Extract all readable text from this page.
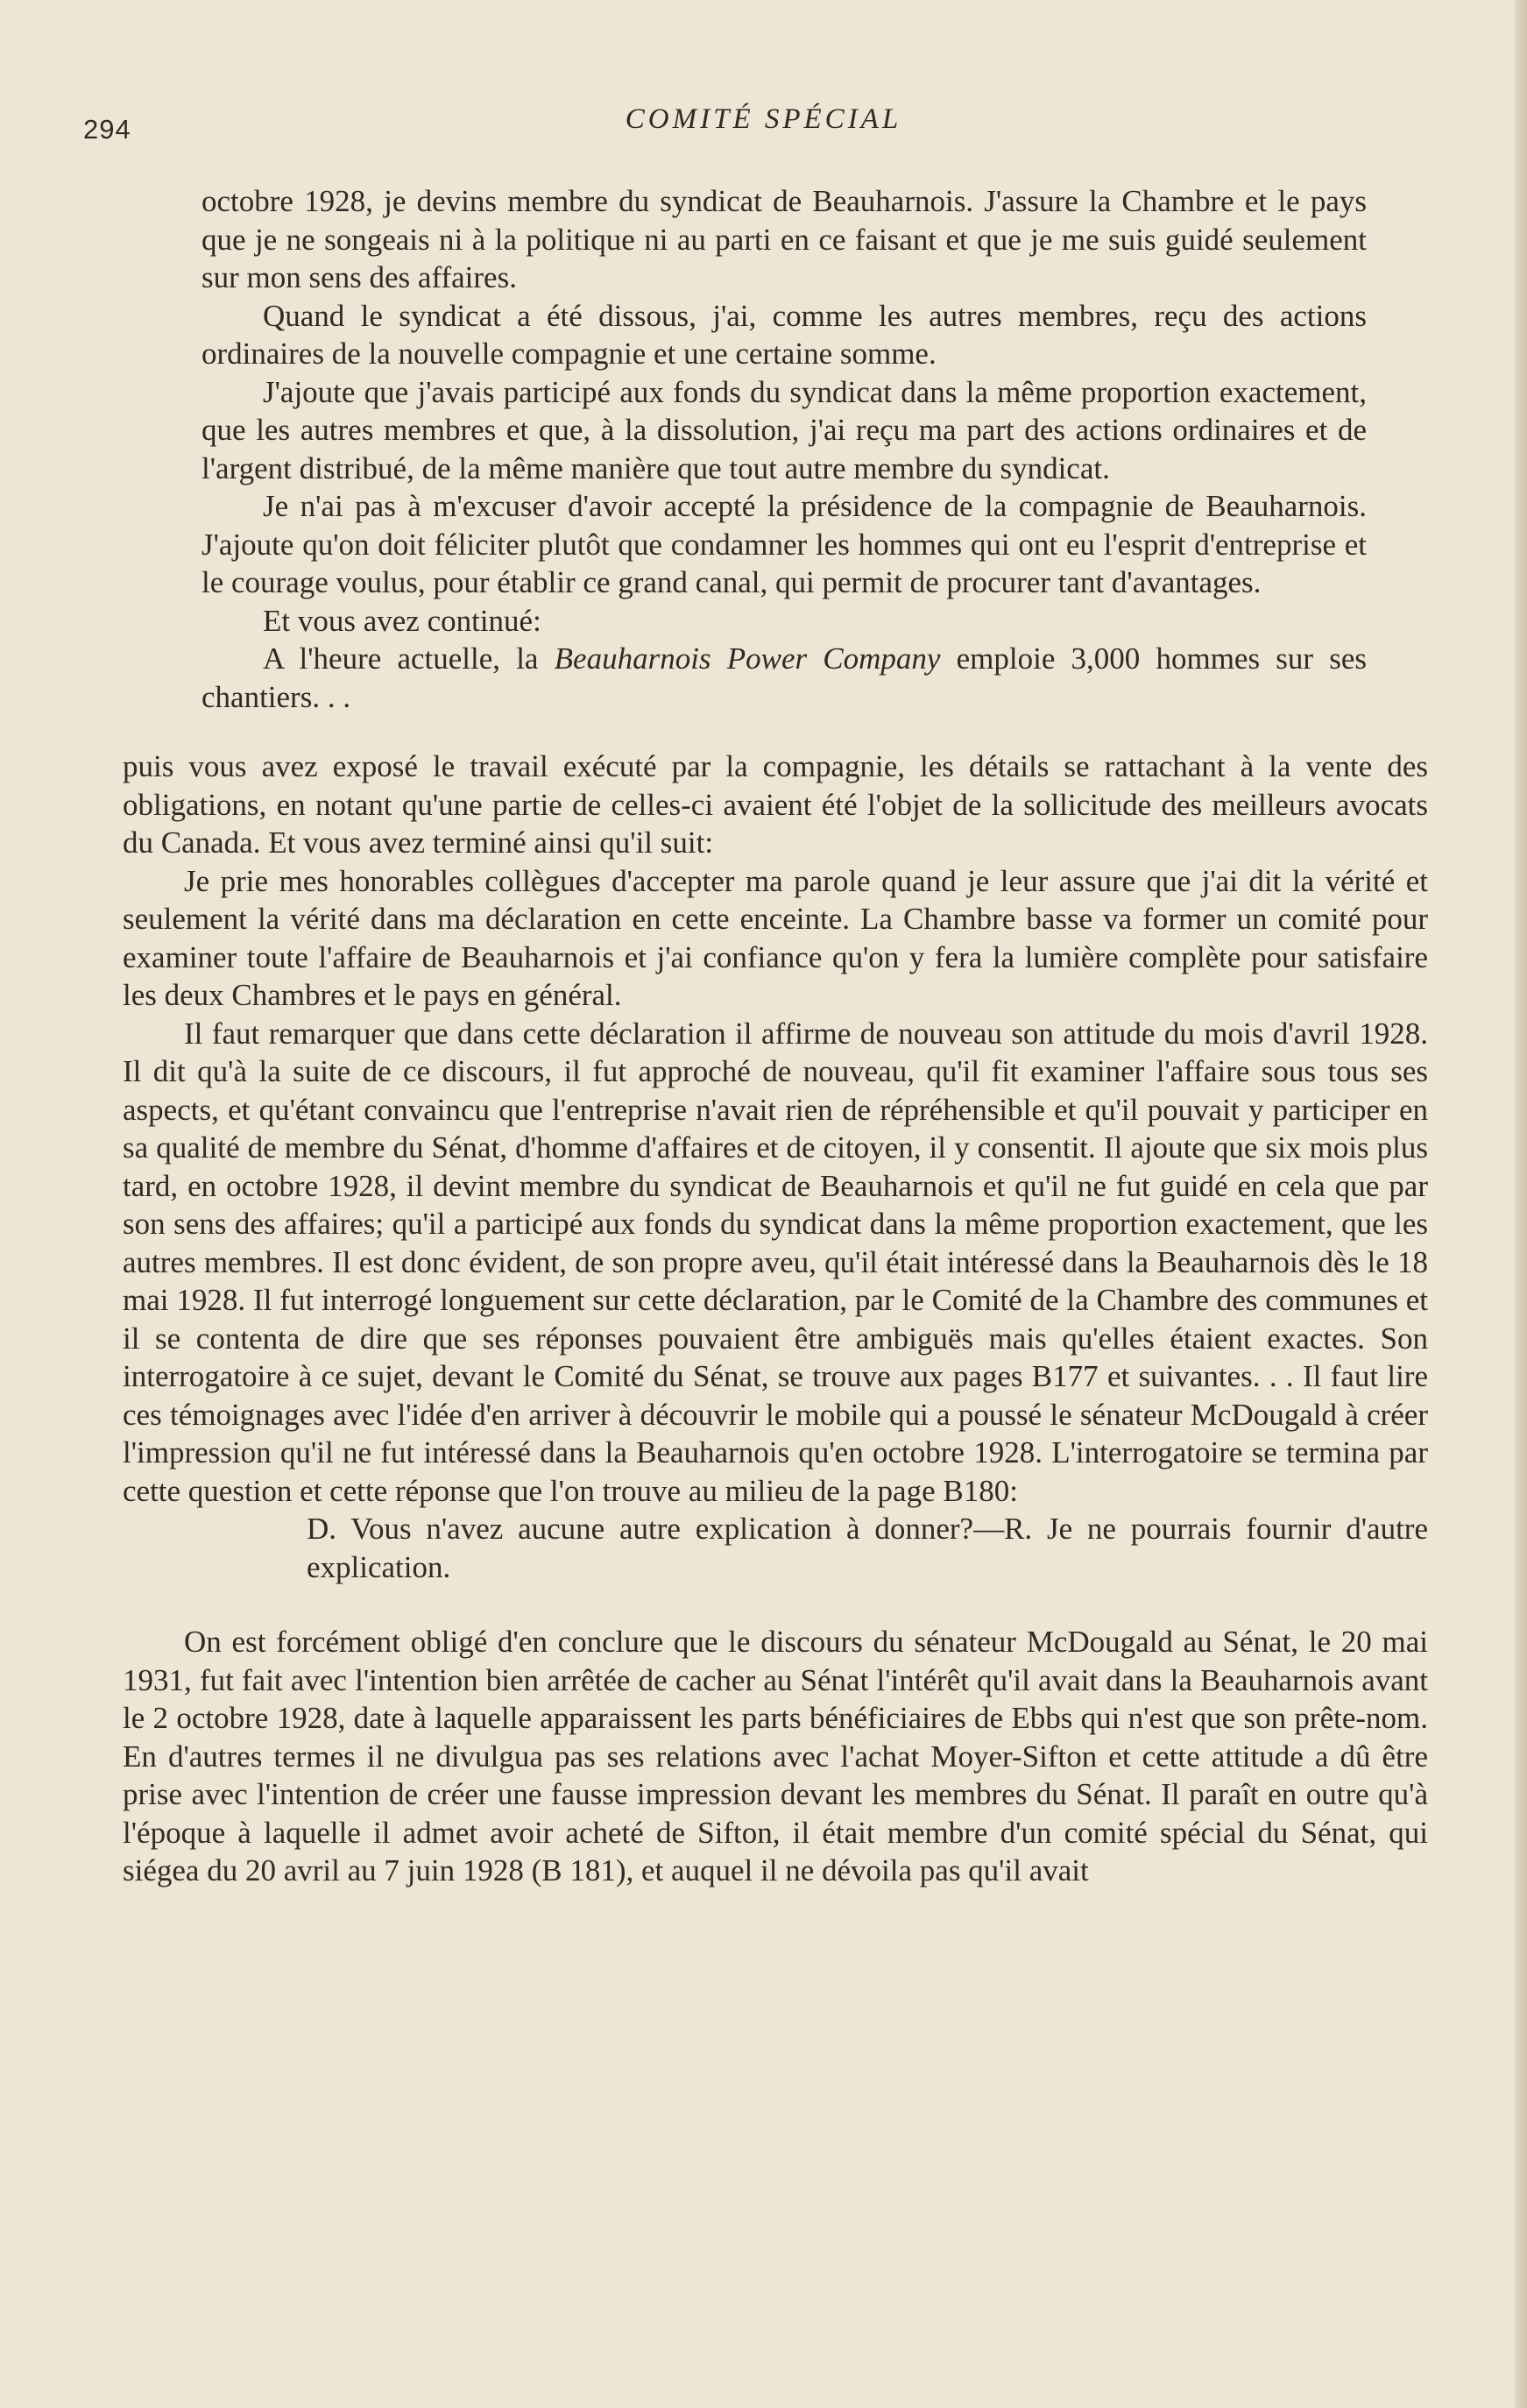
294	COMITÉ SPÉCIAL

octobre 1928, je devins membre du syndicat de Beauharnois. J'assure la Chambre et le pays que je ne songeais ni à la politique ni au parti en ce faisant et que je me suis guidé seulement sur mon sens des affaires.

Quand le syndicat a été dissous, j'ai, comme les autres membres, reçu des actions ordinaires de la nouvelle compagnie et une certaine somme.

J'ajoute que j'avais participé aux fonds du syndicat dans la même proportion exactement, que les autres membres et que, à la dissolution, j'ai reçu ma part des actions ordinaires et de l'argent distribué, de la même manière que tout autre membre du syndicat.

Je n'ai pas à m'excuser d'avoir accepté la présidence de la compagnie de Beauharnois. J'ajoute qu'on doit féliciter plutôt que condamner les hommes qui ont eu l'esprit d'entreprise et le courage voulus, pour établir ce grand canal, qui permit de procurer tant d'avantages.

Et vous avez continué:

A l'heure actuelle, la Beauharnois Power Company emploie 3,000 hommes sur ses chantiers. . .

puis vous avez exposé le travail exécuté par la compagnie, les détails se rattachant à la vente des obligations, en notant qu'une partie de celles-ci avaient été l'objet de la sollicitude des meilleurs avocats du Canada. Et vous avez terminé ainsi qu'il suit:

Je prie mes honorables collègues d'accepter ma parole quand je leur assure que j'ai dit la vérité et seulement la vérité dans ma déclaration en cette enceinte. La Chambre basse va former un comité pour examiner toute l'affaire de Beauharnois et j'ai confiance qu'on y fera la lumière complète pour satisfaire les deux Chambres et le pays en général.

Il faut remarquer que dans cette déclaration il affirme de nouveau son attitude du mois d'avril 1928. Il dit qu'à la suite de ce discours, il fut approché de nouveau, qu'il fit examiner l'affaire sous tous ses aspects, et qu'étant convaincu que l'entreprise n'avait rien de répréhensible et qu'il pouvait y participer en sa qualité de membre du Sénat, d'homme d'affaires et de citoyen, il y consentit. Il ajoute que six mois plus tard, en octobre 1928, il devint membre du syndicat de Beauharnois et qu'il ne fut guidé en cela que par son sens des affaires; qu'il a participé aux fonds du syndicat dans la même proportion exactement, que les autres membres. Il est donc évident, de son propre aveu, qu'il était intéressé dans la Beauharnois dès le 18 mai 1928. Il fut interrogé longuement sur cette déclaration, par le Comité de la Chambre des communes et il se contenta de dire que ses réponses pouvaient être ambiguës mais qu'elles étaient exactes. Son interrogatoire à ce sujet, devant le Comité du Sénat, se trouve aux pages B177 et suivantes. . . Il faut lire ces témoignages avec l'idée d'en arriver à découvrir le mobile qui a poussé le sénateur McDougald à créer l'impression qu'il ne fut intéressé dans la Beauharnois qu'en octobre 1928. L'interrogatoire se termina par cette question et cette réponse que l'on trouve au milieu de la page B180:

D. Vous n'avez aucune autre explication à donner?—R. Je ne pourrais fournir d'autre explication.

On est forcément obligé d'en conclure que le discours du sénateur McDougald au Sénat, le 20 mai 1931, fut fait avec l'intention bien arrêtée de cacher au Sénat l'intérêt qu'il avait dans la Beauharnois avant le 2 octobre 1928, date à laquelle apparaissent les parts bénéficiaires de Ebbs qui n'est que son prête-nom. En d'autres termes il ne divulgua pas ses relations avec l'achat Moyer-Sifton et cette attitude a dû être prise avec l'intention de créer une fausse impression devant les membres du Sénat. Il paraît en outre qu'à l'époque à laquelle il admet avoir acheté de Sifton, il était membre d'un comité spécial du Sénat, qui siégea du 20 avril au 7 juin 1928 (B 181), et auquel il ne dévoila pas qu'il avait
